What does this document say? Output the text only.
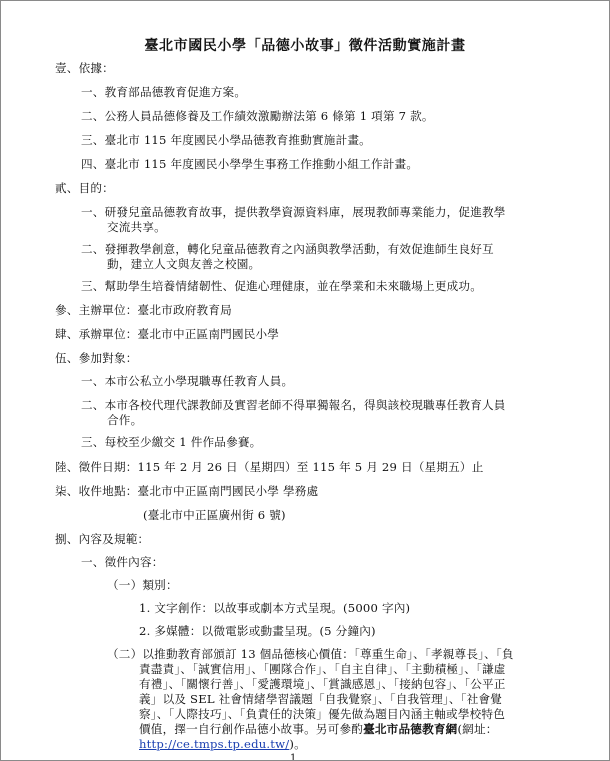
臺北市國民小學「品德小故事」徵件活動實施計畫
壹、依據：
一、教育部品德教育促進方案。
二、公務人員品德修養及工作績效激勵辦法第 6 條第 1 項第 7 款。
三、臺北市 115 年度國民小學品德教育推動實施計畫。
四、臺北市 115 年度國民小學學生事務工作推動小組工作計畫。
貳、目的：
一、研發兒童品德教育故事，提供教學資源資料庫，展現教師專業能力，促進教學
交流共享。
二、發揮教學創意，轉化兒童品德教育之內涵與教學活動，有效促進師生良好互
動，建立人文與友善之校園。
三、幫助學生培養情緒韌性、促進心理健康，並在學業和未來職場上更成功。
參、主辦單位：臺北市政府教育局
肆、承辦單位：臺北市中正區南門國民小學
伍、參加對象：
一、本市公私立小學現職專任教育人員。
二、本市各校代理代課教師及實習老師不得單獨報名，得與該校現職專任教育人員
合作。
三、每校至少繳交 1 件作品參賽。
陸、徵件日期：115 年 2 月 26 日（星期四）至 115 年 5 月 29 日（星期五）止
柒、收件地點：臺北市中正區南門國民小學 學務處
(臺北市中正區廣州街 6 號)
捌、內容及規範：
一、徵件內容：
（一）類別：
1. 文字創作：以故事或劇本方式呈現。(5000 字內)
2. 多媒體：以微電影或動畫呈現。(5 分鐘內)
（二）以推動教育部頒訂 13 個品德核心價值：「尊重生命」、「孝親尊長」、「負
責盡責」、「誠實信用」、「團隊合作」、「自主自律」、「主動積極」、「謙虛
有禮」、「關懷行善」、「愛護環境」、「賞識感恩」、「接納包容」、「公平正
義」以及 SEL 社會情緒學習議題「自我覺察」、「自我管理」、「社會覺
察」、「人際技巧」、「負責任的決策」優先做為題目內涵主軸或學校特色
價值，擇一自行創作品德小故事。另可參酌臺北市品德教育網(網址：
http://ce.tmps.tp.edu.tw/)。
1
